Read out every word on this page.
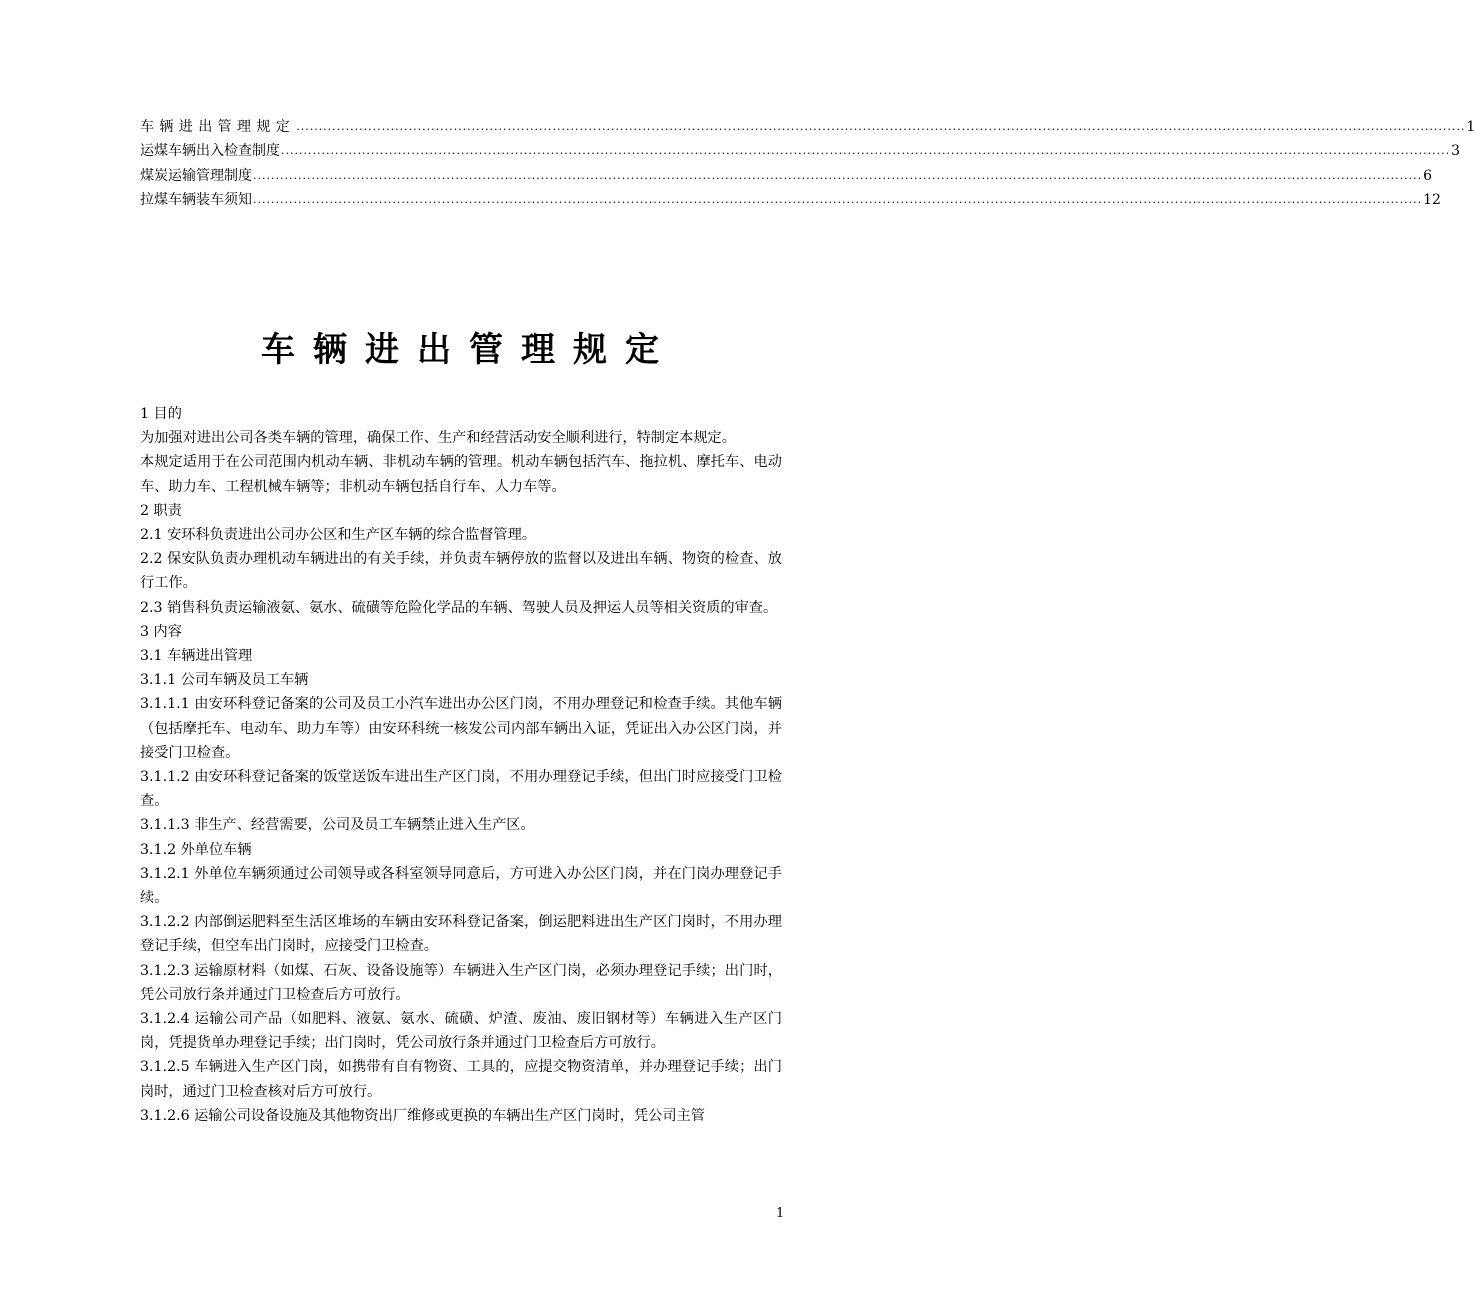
车辆进出管理规定 .................................................................................................................................................................................................................................................................... 1
运煤车辆出入检查制度 .................................................................................................................................................................................................................................................................... 3
煤炭运输管理制度 .................................................................................................................................................................................................................................................................... 6
拉煤车辆装车须知 .................................................................................................................................................................................................................................................................... 12
车辆进出管理规定

1 目的

为加强对进出公司各类车辆的管理，确保工作、生产和经营活动安全顺利进行，特制定本规定。

本规定适用于在公司范围内机动车辆、非机动车辆的管理。机动车辆包括汽车、拖拉机、摩托车、电动车、助力车、工程机械车辆等；非机动车辆包括自行车、人力车等。

2 职责

2.1 安环科负责进出公司办公区和生产区车辆的综合监督管理。

2.2 保安队负责办理机动车辆进出的有关手续，并负责车辆停放的监督以及进出车辆、物资的检查、放行工作。

2.3 销售科负责运输液氨、氨水、硫磺等危险化学品的车辆、驾驶人员及押运人员等相关资质的审查。

3 内容

3.1 车辆进出管理

3.1.1 公司车辆及员工车辆

3.1.1.1 由安环科登记备案的公司及员工小汽车进出办公区门岗，不用办理登记和检查手续。其他车辆（包括摩托车、电动车、助力车等）由安环科统一核发公司内部车辆出入证，凭证出入办公区门岗，并接受门卫检查。

3.1.1.2 由安环科登记备案的饭堂送饭车进出生产区门岗，不用办理登记手续，但出门时应接受门卫检查。

3.1.1.3 非生产、经营需要，公司及员工车辆禁止进入生产区。

3.1.2 外单位车辆

3.1.2.1 外单位车辆须通过公司领导或各科室领导同意后，方可进入办公区门岗，并在门岗办理登记手续。

3.1.2.2 内部倒运肥料至生活区堆场的车辆由安环科登记备案，倒运肥料进出生产区门岗时，不用办理登记手续，但空车出门岗时，应接受门卫检查。

3.1.2.3 运输原材料（如煤、石灰、设备设施等）车辆进入生产区门岗，必须办理登记手续；出门时，凭公司放行条并通过门卫检查后方可放行。

3.1.2.4 运输公司产品（如肥料、液氨、氨水、硫磺、炉渣、废油、废旧钢材等）车辆进入生产区门岗，凭提货单办理登记手续；出门岗时，凭公司放行条并通过门卫检查后方可放行。

3.1.2.5 车辆进入生产区门岗，如携带有自有物资、工具的，应提交物资清单，并办理登记手续；出门岗时，通过门卫检查核对后方可放行。

3.1.2.6 运输公司设备设施及其他物资出厂维修或更换的车辆出生产区门岗时，凭公司主管

1
